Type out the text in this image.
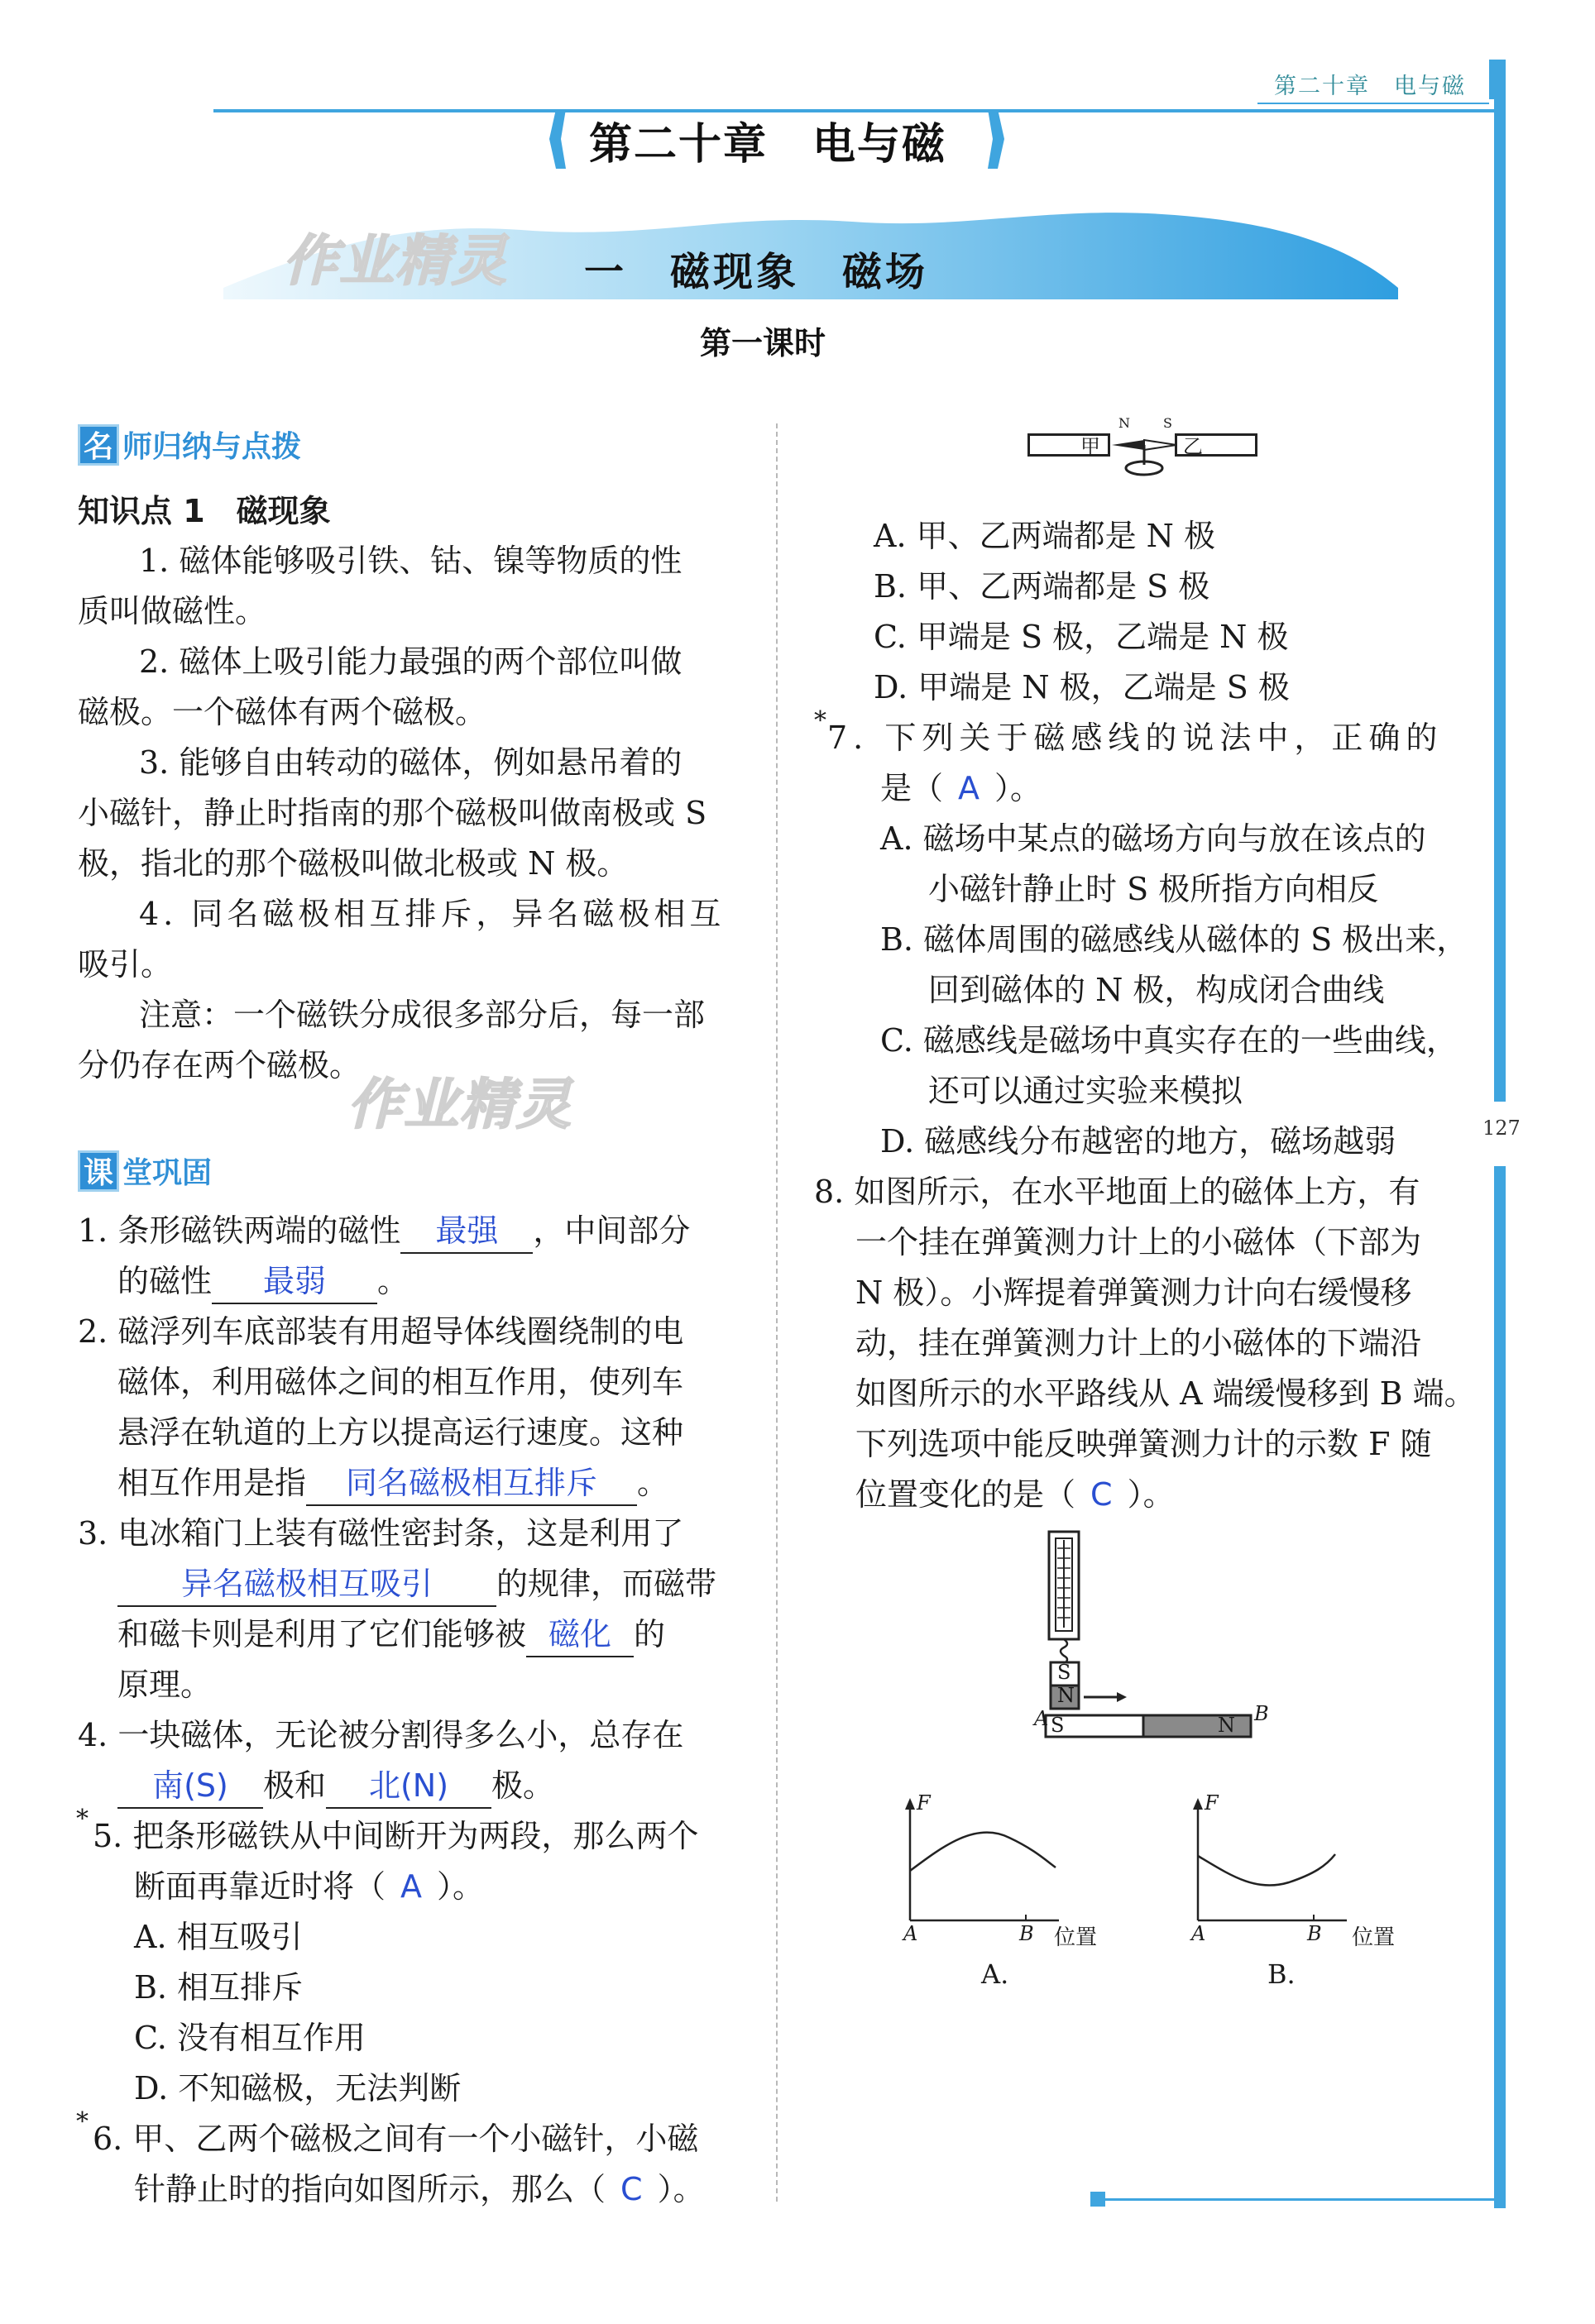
第二十章　电与磁
127
第二十章　电与磁
作业精灵 一　磁现象　磁场
第一课时
名 师归纳与点拨
知识点 1　磁现象
1. 磁体能够吸引铁、钴、镍等物质的性
质叫做磁性。
2. 磁体上吸引能力最强的两个部位叫做
磁极。一个磁体有两个磁极。
3. 能够自由转动的磁体，例如悬吊着的
小磁针，静止时指南的那个磁极叫做南极或 S
极，指北的那个磁极叫做北极或 N 极。
4. 同名磁极相互排斥，异名磁极相互
吸引。
注意：一个磁铁分成很多部分后，每一部
分仍存在两个磁极。
作业精灵
课 堂巩固
1. 条形磁铁两端的磁性 最强 ，中间部分
的磁性 最弱 。
2. 磁浮列车底部装有用超导体线圈绕制的电
磁体，利用磁体之间的相互作用，使列车
悬浮在轨道的上方以提高运行速度。这种
相互作用是指 同名磁极相互排斥 。
3. 电冰箱门上装有磁性密封条，这是利用了
异名磁极相互吸引 的规律，而磁带
和磁卡则是利用了它们能够被 磁化 的
原理。
4. 一块磁体，无论被分割得多么小，总存在
南(S) 极和 北(N) 极。
* 5. 把条形磁铁从中间断开为两段，那么两个
断面再靠近时将（ A ）。
A. 相互吸引
B. 相互排斥
C. 没有相互作用
D. 不知磁极，无法判断
* 6. 甲、乙两个磁极之间有一个小磁针，小磁
针静止时的指向如图所示，那么（ C ）。
甲	乙
N	S
A. 甲、乙两端都是 N 极
B. 甲、乙两端都是 S 极
C. 甲端是 S 极，乙端是 N 极
D. 甲端是 N 极，乙端是 S 极
* 7. 下列关于磁感线的说法中，正确的
是（ A ）。
A. 磁场中某点的磁场方向与放在该点的
小磁针静止时 S 极所指方向相反
B. 磁体周围的磁感线从磁体的 S 极出来，
回到磁体的 N 极，构成闭合曲线
C. 磁感线是磁场中真实存在的一些曲线，
还可以通过实验来模拟
D. 磁感线分布越密的地方，磁场越弱
8. 如图所示，在水平地面上的磁体上方，有
一个挂在弹簧测力计上的小磁体（下部为
N 极）。小辉提着弹簧测力计向右缓慢移
动，挂在弹簧测力计上的小磁体的下端沿
如图所示的水平路线从 A 端缓慢移到 B 端。
下列选项中能反映弹簧测力计的示数 F 随
位置变化的是（ C ）。
S
N
A	B
S	N
F
A	B 位置
A.
F
A	B 位置
B.
